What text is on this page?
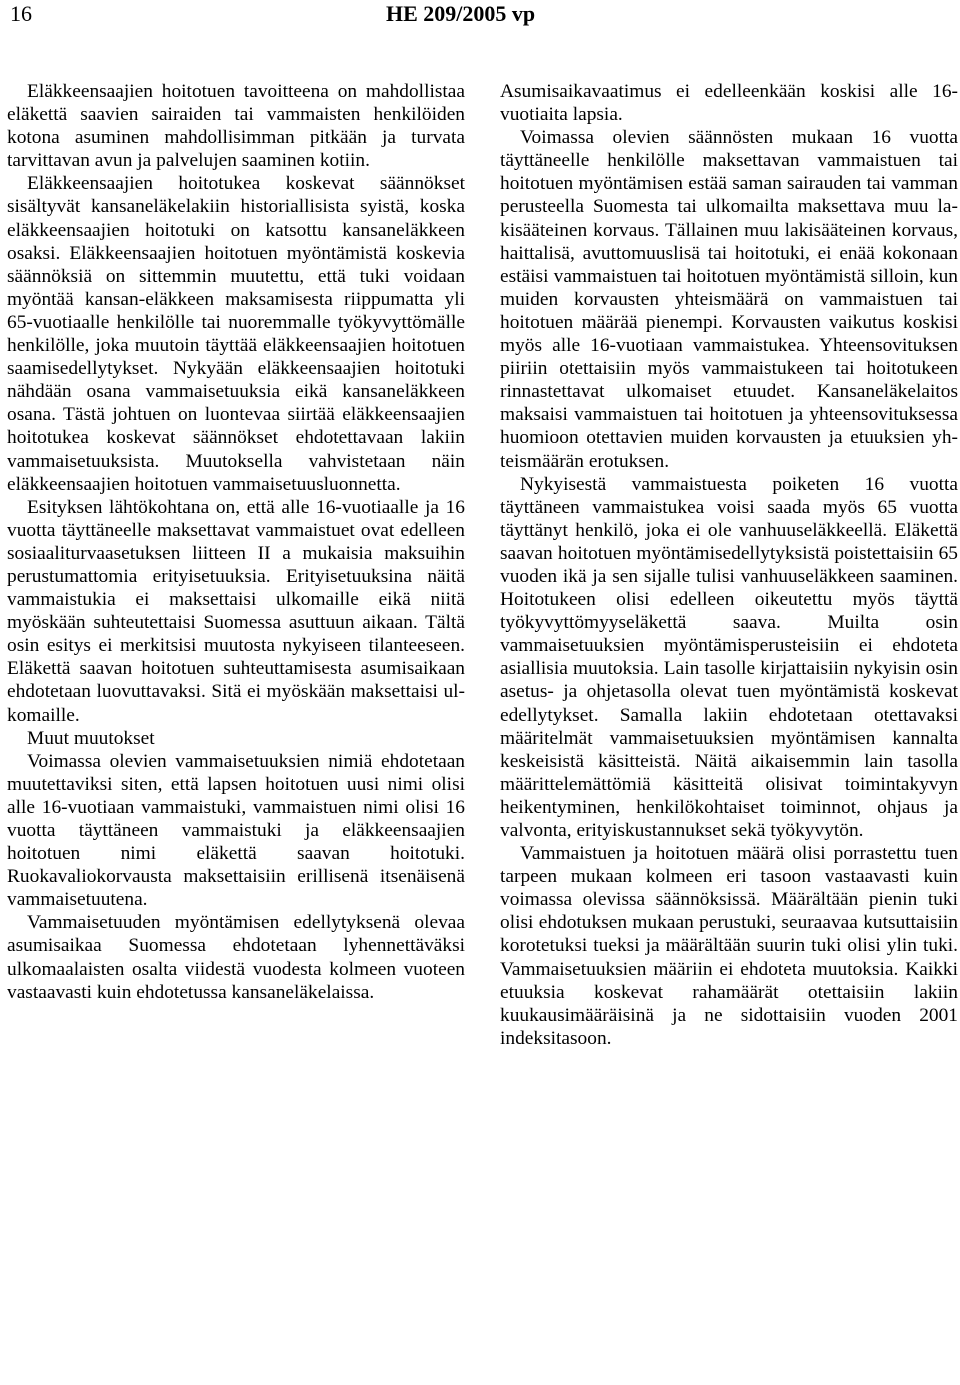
16	HE 209/2005 vp

Eläkkeensaajien hoitotuen tavoitteena on mahdollistaa eläkettä saavien sairaiden tai vammaisten henkilöiden kotona asuminen mahdollisimman pitkään ja turvata tarvittavan avun ja palvelujen saaminen kotiin.

Eläkkeensaajien hoitotukea koskevat säännökset sisältyvät kansaneläkelakiin historiallisista syistä, koska eläkkeensaajien hoitotuki on katsottu kansaneläkkeen osaksi. Eläkkeensaajien hoitotuen myöntämistä koskevia säännöksiä on sittemmin muutettu, että tuki voidaan myöntää kansan-eläkkeen maksamisesta riippumatta yli 65-vuotiaalle henkilölle tai nuoremmalle työkyvyttömälle henkilölle, joka muutoin täyttää eläkkeensaajien hoitotuen saamisedellytykset. Nykyään eläkkeensaajien hoitotuki nähdään osana vammaisetuuksia eikä kansaneläkkeen osana. Tästä johtuen on luontevaa siirtää eläkkeensaajien hoitotukea koskevat säännökset ehdotettavaan lakiin vammaisetuuksista. Muutoksella vahvistetaan näin eläkkeensaajien hoitotuen vammaisetuusluonnetta.

Esityksen lähtökohtana on, että alle 16-vuotiaalle ja 16 vuotta täyttäneelle maksettavat vammaistuet ovat edelleen sosiaaliturvaasetuksen liitteen II a mukaisia maksuihin perustumattomia erityisetuuksia. Erityisetuuksina näitä vammaistukia ei maksettaisi ulkomaille eikä niitä myöskään suhteutettaisi Suomessa asuttuun aikaan. Tältä osin esitys ei merkitsisi muutosta nykyiseen tilanteeseen. Eläkettä saavan hoitotuen suhteuttamisesta asumisaikaan ehdotetaan luovuttavaksi. Sitä ei myöskään maksettaisi ulkomaille.

Muut muutokset

Voimassa olevien vammaisetuuksien nimiä ehdotetaan muutettaviksi siten, että lapsen hoitotuen uusi nimi olisi alle 16-vuotiaan vammaistuki, vammaistuen nimi olisi 16 vuotta täyttäneen vammaistuki ja eläkkeensaajien hoitotuen nimi eläkettä saavan hoitotuki. Ruokavaliokorvausta maksettaisiin erillisenä itsenäisenä vammaisetuutena.

Vammaisetuuden myöntämisen edellytyksenä olevaa asumisaikaa Suomessa ehdotetaan lyhennettäväksi ulkomaalaisten osalta viidestä vuodesta kolmeen vuoteen vastaavasti kuin ehdotetussa kansaneläkelaissa.

Asumisaikavaatimus ei edelleenkään koskisi alle 16-vuotiaita lapsia.

Voimassa olevien säännösten mukaan 16 vuotta täyttäneelle henkilölle maksettavan vammaistuen tai hoitotuen myöntämisen estää saman sairauden tai vamman perusteella Suomesta tai ulkomailta maksettava muu lakisääteinen korvaus. Tällainen muu lakisääteinen korvaus, haittalisä, avuttomuuslisä tai hoitotuki, ei enää kokonaan estäisi vammaistuen tai hoitotuen myöntämistä silloin, kun muiden korvausten yhteismäärä on vammaistuen tai hoitotuen määrää pienempi. Korvausten vaikutus koskisi myös alle 16-vuotiaan vammaistukea. Yhteensovituksen piiriin otettaisiin myös vammaistukeen tai hoitotukeen rinnastettavat ulkomaiset etuudet. Kansaneläkelaitos maksaisi vammaistuen tai hoitotuen ja yhteensovituksessa huomioon otettavien muiden korvausten ja etuuksien yhteismäärän erotuksen.

Nykyisestä vammaistuesta poiketen 16 vuotta täyttäneen vammaistukea voisi saada myös 65 vuotta täyttänyt henkilö, joka ei ole vanhuuseläkkeellä. Eläkettä saavan hoitotuen myöntämisedellytyksistä poistettaisiin 65 vuoden ikä ja sen sijalle tulisi vanhuuseläkkeen saaminen. Hoitotukeen olisi edelleen oikeutettu myös täyttä työkyvyttömyyseläkettä saava. Muilta osin vammaisetuuksien myöntämisperusteisiin ei ehdoteta asiallisia muutoksia. Lain tasolle kirjattaisiin nykyisin osin asetus- ja ohjetasolla olevat tuen myöntämistä koskevat edellytykset. Samalla lakiin ehdotetaan otettavaksi määritelmät vammaisetuuksien myöntämisen kannalta keskeisistä käsitteistä. Näitä aikaisemmin lain tasolla määrittelemättömiä käsitteitä olisivat toimintakyvyn heikentyminen, henkilökohtaiset toiminnot, ohjaus ja valvonta, erityiskustannukset sekä työkyvytön.

Vammaistuen ja hoitotuen määrä olisi porrastettu tuen tarpeen mukaan kolmeen eri tasoon vastaavasti kuin voimassa olevissa säännöksissä. Määrältään pienin tuki olisi ehdotuksen mukaan perustuki, seuraavaa kutsuttaisiin korotetuksi tueksi ja määrältään suurin tuki olisi ylin tuki. Vammaisetuuksien määriin ei ehdoteta muutoksia. Kaikki etuuksia koskevat rahamäärät otettaisiin lakiin kuukausimääräisinä ja ne sidottaisiin vuoden 2001 indeksitasoon.
